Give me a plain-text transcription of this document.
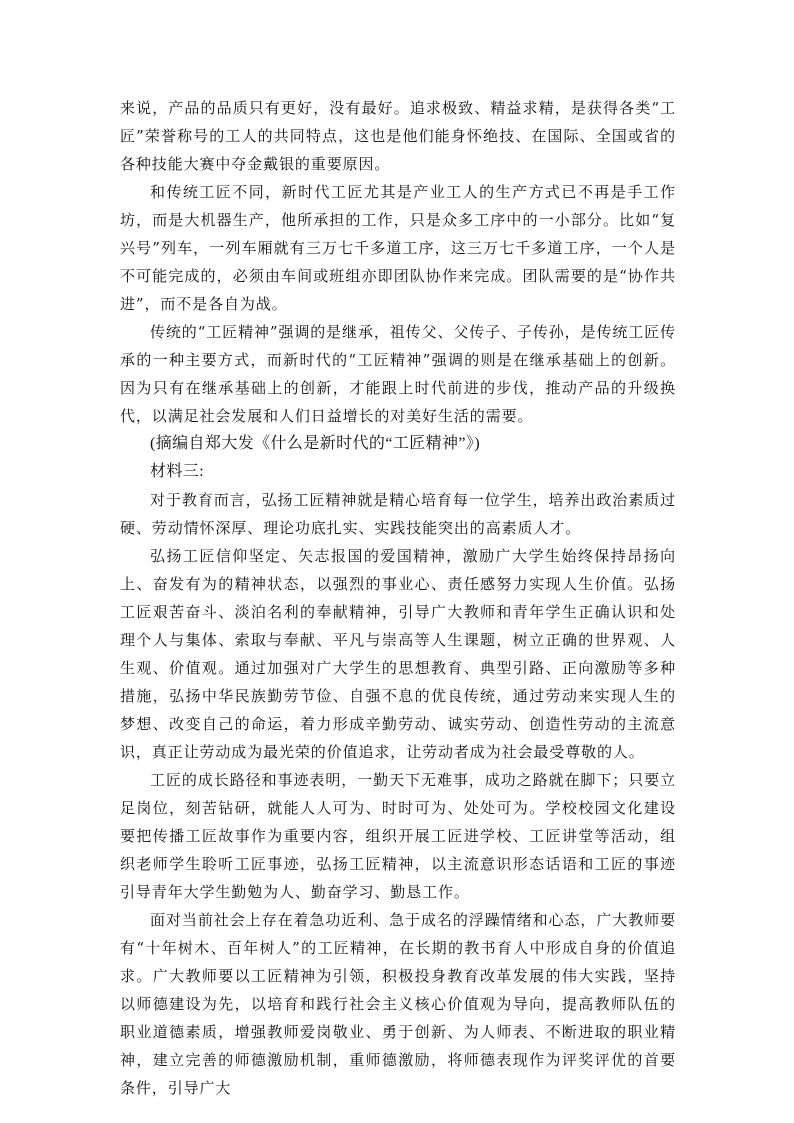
来说，产品的品质只有更好，没有最好。追求极致、精益求精，是获得各类“工匠”荣誉称号的工人的共同特点，这也是他们能身怀绝技、在国际、全国或省的各种技能大赛中夺金戴银的重要原因。

和传统工匠不同，新时代工匠尤其是产业工人的生产方式已不再是手工作坊，而是大机器生产，他所承担的工作，只是众多工序中的一小部分。比如“复兴号”列车，一列车厢就有三万七千多道工序，这三万七千多道工序，一个人是不可能完成的，必须由车间或班组亦即团队协作来完成。团队需要的是“协作共进”，而不是各自为战。

传统的“工匠精神”强调的是继承，祖传父、父传子、子传孙，是传统工匠传承的一种主要方式，而新时代的“工匠精神”强调的则是在继承基础上的创新。因为只有在继承基础上的创新，才能跟上时代前进的步伐，推动产品的升级换代，以满足社会发展和人们日益增长的对美好生活的需要。

(摘编自郑大发《什么是新时代的“工匠精神”》)

材料三:

对于教育而言，弘扬工匠精神就是精心培育每一位学生，培养出政治素质过硬、劳动情怀深厚、理论功底扎实、实践技能突出的高素质人才。

弘扬工匠信仰坚定、矢志报国的爱国精神，激励广大学生始终保持昂扬向上、奋发有为的精神状态，以强烈的事业心、责任感努力实现人生价值。弘扬工匠艰苦奋斗、淡泊名利的奉献精神，引导广大教师和青年学生正确认识和处理个人与集体、索取与奉献、平凡与崇高等人生课题，树立正确的世界观、人生观、价值观。通过加强对广大学生的思想教育、典型引路、正向激励等多种措施，弘扬中华民族勤劳节俭、自强不息的优良传统，通过劳动来实现人生的梦想、改变自己的命运，着力形成辛勤劳动、诚实劳动、创造性劳动的主流意识，真正让劳动成为最光荣的价值追求，让劳动者成为社会最受尊敬的人。

工匠的成长路径和事迹表明，一勤天下无难事，成功之路就在脚下；只要立足岗位，刻苦钻研，就能人人可为、时时可为、处处可为。学校校园文化建设要把传播工匠故事作为重要内容，组织开展工匠进学校、工匠讲堂等活动，组织老师学生聆听工匠事迹，弘扬工匠精神，以主流意识形态话语和工匠的事迹引导青年大学生勤勉为人、勤奋学习、勤恳工作。

面对当前社会上存在着急功近利、急于成名的浮躁情绪和心态，广大教师要有“十年树木、百年树人”的工匠精神，在长期的教书育人中形成自身的价值追求。广大教师要以工匠精神为引领，积极投身教育改革发展的伟大实践，坚持以师德建设为先，以培育和践行社会主义核心价值观为导向，提高教师队伍的职业道德素质，增强教师爱岗敬业、勇于创新、为人师表、不断进取的职业精神，建立完善的师德激励机制，重师德激励，将师德表现作为评奖评优的首要条件，引导广大
